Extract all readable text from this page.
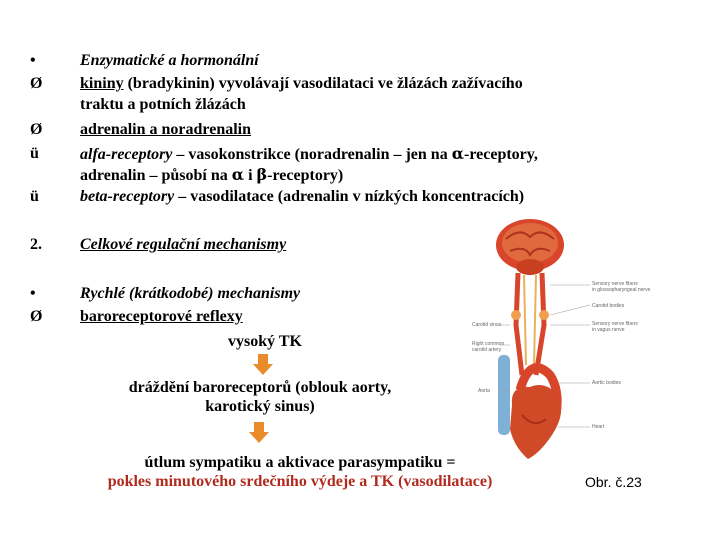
•	Enzymatické a hormonální
Ø	kininy (bradykinin) vyvolávají vasodilataci ve žlázách zažívacího
traktu a potních žlázách
Ø	adrenalin a noradrenalin
ü	alfa-receptory – vasokonstrikce (noradrenalin – jen na α-receptory,
adrenalin – působí na α i β-receptory)
ü	beta-receptory – vasodilatace (adrenalin v nízkých koncentracích)
2.	Celkové regulační mechanismy
•	Rychlé (krátkodobé) mechanismy
Ø	baroreceptorové reflexy
vysoký TK
dráždění baroreceptorů (oblouk aorty,
karotický sinus)
útlum sympatiku a aktivace parasympatiku =
pokles minutového srdečního výdeje a TK (vasodilatace)
Sensory nerve fibers
in glossopharyngeal nerve
Carotid sinus
Carotid bodies
Sensory nerve fibers
in vagus nerve
Right common
carotid artery
Aortic bodies
Aorta
Heart
Obr. č.23
